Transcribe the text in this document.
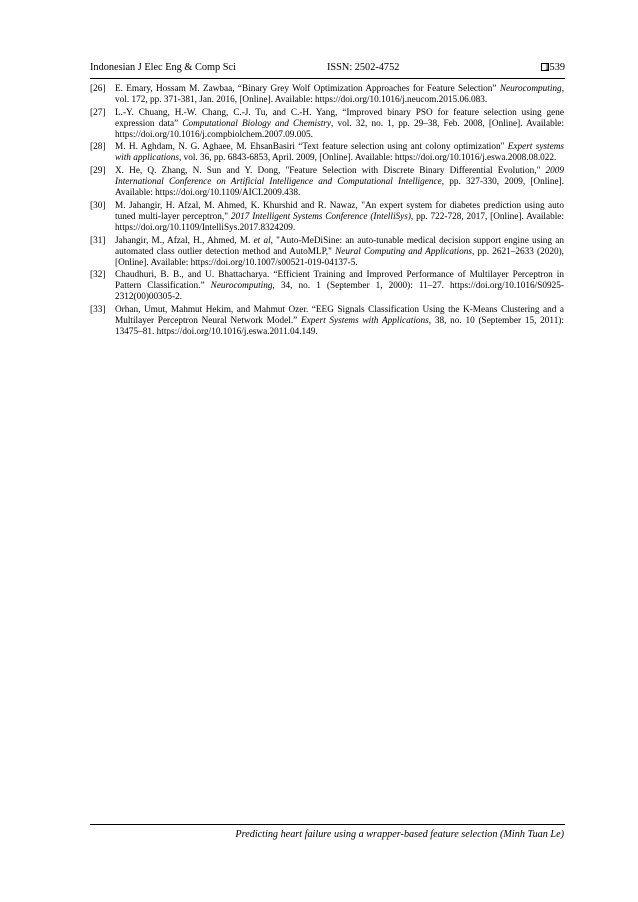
Indonesian J Elec Eng & Comp Sci	ISSN: 2502-4752	1539
[26] E. Emary, Hossam M. Zawbaa, “Binary Grey Wolf Optimization Approaches for Feature Selection” Neurocomputing, vol. 172, pp. 371-381, Jan. 2016, [Online]. Available: https://doi.org/10.1016/j.neucom.2015.06.083.
[27] L.-Y. Chuang, H.-W. Chang, C.-J. Tu, and C.-H. Yang, “Improved binary PSO for feature selection using gene expression data” Computational Biology and Chemistry, vol. 32, no. 1, pp. 29–38, Feb. 2008, [Online]. Available: https://doi.org/10.1016/j.compbiolchem.2007.09.005.
[28] M. H. Aghdam, N. G. Aghaee, M. EhsanBasiri “Text feature selection using ant colony optimization" Expert systems with applications, vol. 36, pp. 6843-6853, April. 2009, [Online]. Available: https://doi.org/10.1016/j.eswa.2008.08.022.
[29] X. He, Q. Zhang, N. Sun and Y. Dong, "Feature Selection with Discrete Binary Differential Evolution," 2009 International Conference on Artificial Intelligence and Computational Intelligence, pp. 327-330, 2009, [Online]. Available: https://doi.org/10.1109/AICI.2009.438.
[30] M. Jahangir, H. Afzal, M. Ahmed, K. Khurshid and R. Nawaz, "An expert system for diabetes prediction using auto tuned multi-layer perceptron," 2017 Intelligent Systems Conference (IntelliSys), pp. 722-728, 2017, [Online]. Available: https://doi.org/10.1109/IntelliSys.2017.8324209.
[31] Jahangir, M., Afzal, H., Ahmed, M. et al, "Auto-MeDiSine: an auto-tunable medical decision support engine using an automated class outlier detection method and AutoMLP," Neural Computing and Applications, pp. 2621–2633 (2020), [Online]. Available: https://doi.org/10.1007/s00521-019-04137-5.
[32] Chaudhuri, B. B., and U. Bhattacharya. “Efficient Training and Improved Performance of Multilayer Perceptron in Pattern Classification.” Neurocomputing, 34, no. 1 (September 1, 2000): 11–27. https://doi.org/10.1016/S0925-2312(00)00305-2.
[33] Orhan, Umut, Mahmut Hekim, and Mahmut Ozer. “EEG Signals Classification Using the K-Means Clustering and a Multilayer Perceptron Neural Network Model.” Expert Systems with Applications, 38, no. 10 (September 15, 2011): 13475–81. https://doi.org/10.1016/j.eswa.2011.04.149.
Predicting heart failure using a wrapper-based feature selection (Minh Tuan Le)
